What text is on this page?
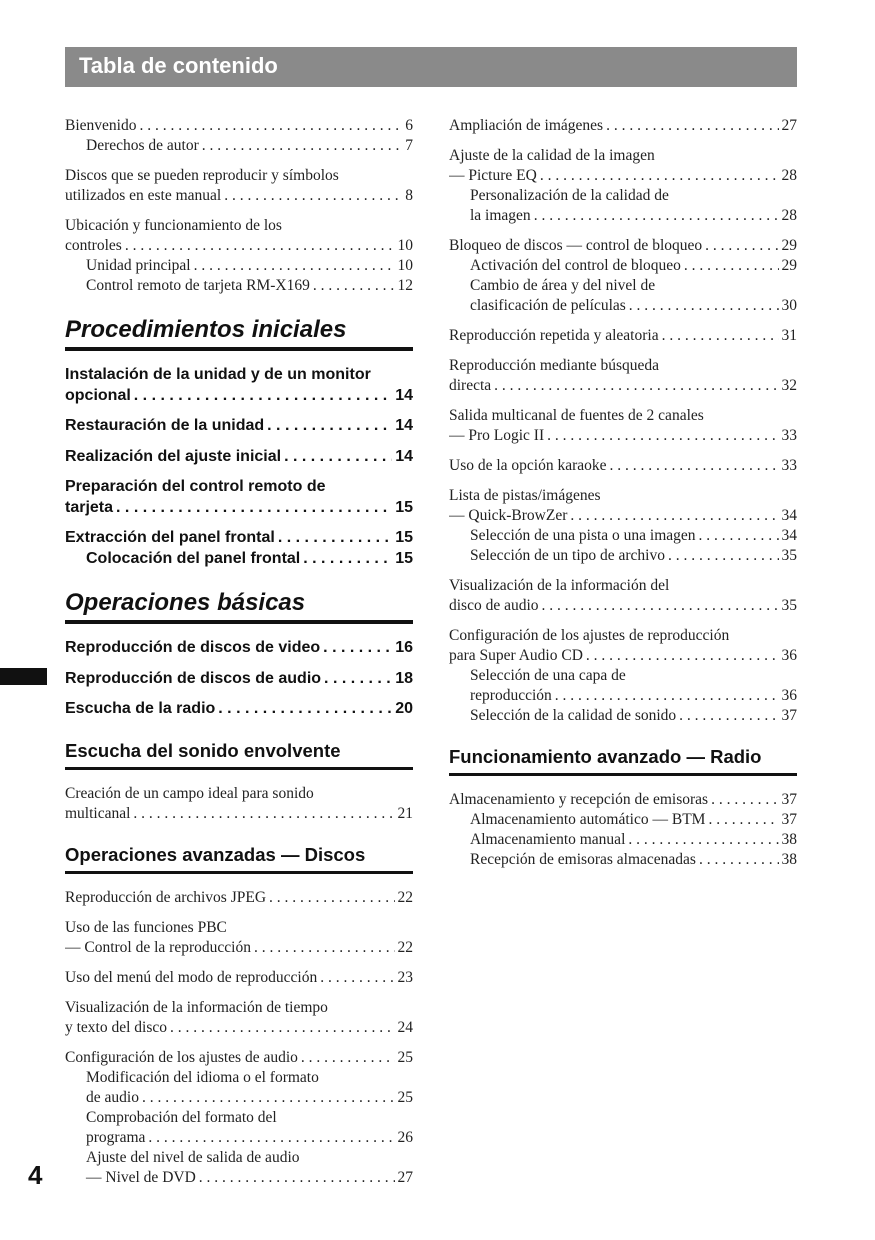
Tabla de contenido
Bienvenido . . .	6
Derechos de autor . . .	7
Discos que se pueden reproducir y símbolos
utilizados en este manual . . .	8
Ubicación y funcionamiento de los
controles . . .	10
Unidad principal . . .	10
Control remoto de tarjeta RM-X169 . . .	12
Procedimientos iniciales
Instalación de la unidad y de un monitor
opcional . . .	14
Restauración de la unidad . . .	14
Realización del ajuste inicial . . .	14
Preparación del control remoto de
tarjeta . . .	15
Extracción del panel frontal . . .	15
Colocación del panel frontal . . .	15
Operaciones básicas
Reproducción de discos de video . . .	16
Reproducción de discos de audio . . .	18
Escucha de la radio . . .	20
Escucha del sonido envolvente
Creación de un campo ideal para sonido
multicanal . . .	21
Operaciones avanzadas — Discos
Reproducción de archivos JPEG . . .	22
Uso de las funciones PBC
— Control de la reproducción . . .	22
Uso del menú del modo de reproducción . . .	23
Visualización de la información de tiempo
y texto del disco . . .	24
Configuración de los ajustes de audio . . .	25
Modificación del idioma o el formato
de audio . . .	25
Comprobación del formato del
programa . . .	26
Ajuste del nivel de salida de audio
— Nivel de DVD . . .	27
Ampliación de imágenes . . .	27
Ajuste de la calidad de la imagen
— Picture EQ . . .	28
Personalización de la calidad de
la imagen . . .	28
Bloqueo de discos — control de bloqueo . . .	29
Activación del control de bloqueo . . .	29
Cambio de área y del nivel de
clasificación de películas . . .	30
Reproducción repetida y aleatoria . . .	31
Reproducción mediante búsqueda
directa . . .	32
Salida multicanal de fuentes de 2 canales
— Pro Logic II . . .	33
Uso de la opción karaoke . . .	33
Lista de pistas/imágenes
— Quick-BrowZer . . .	34
Selección de una pista o una imagen . . .	34
Selección de un tipo de archivo . . .	35
Visualización de la información del
disco de audio . . .	35
Configuración de los ajustes de reproducción
para Super Audio CD . . .	36
Selección de una capa de
reproducción . . .	36
Selección de la calidad de sonido . . .	37
Funcionamiento avanzado — Radio
Almacenamiento y recepción de emisoras . . .	37
Almacenamiento automático — BTM . . .	37
Almacenamiento manual . . .	38
Recepción de emisoras almacenadas . . .	38
4
